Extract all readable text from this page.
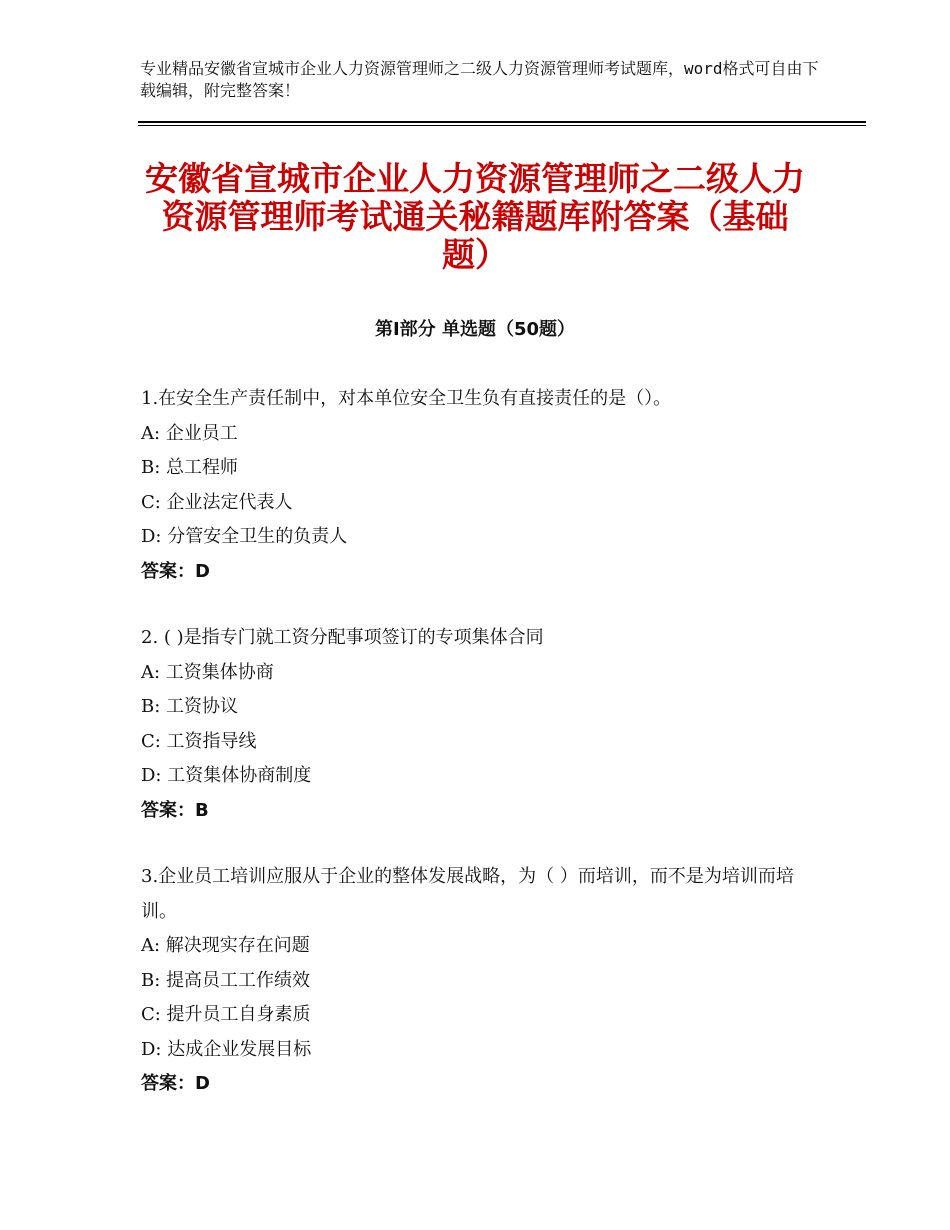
专业精品安徽省宣城市企业人力资源管理师之二级人力资源管理师考试题库，word格式可自由下载编辑，附完整答案！
安徽省宣城市企业人力资源管理师之二级人力资源管理师考试通关秘籍题库附答案（基础题）
第Ⅰ部分 单选题（50题）
1.在安全生产责任制中，对本单位安全卫生负有直接责任的是（）。
A: 企业员工
B: 总工程师
C: 企业法定代表人
D: 分管安全卫生的负责人
答案：D
2. ( )是指专门就工资分配事项签订的专项集体合同
A: 工资集体协商
B: 工资协议
C: 工资指导线
D: 工资集体协商制度
答案：B
3.企业员工培训应服从于企业的整体发展战略，为（ ）而培训，而不是为培训而培训。
A: 解决现实存在问题
B: 提高员工工作绩效
C: 提升员工自身素质
D: 达成企业发展目标
答案：D
